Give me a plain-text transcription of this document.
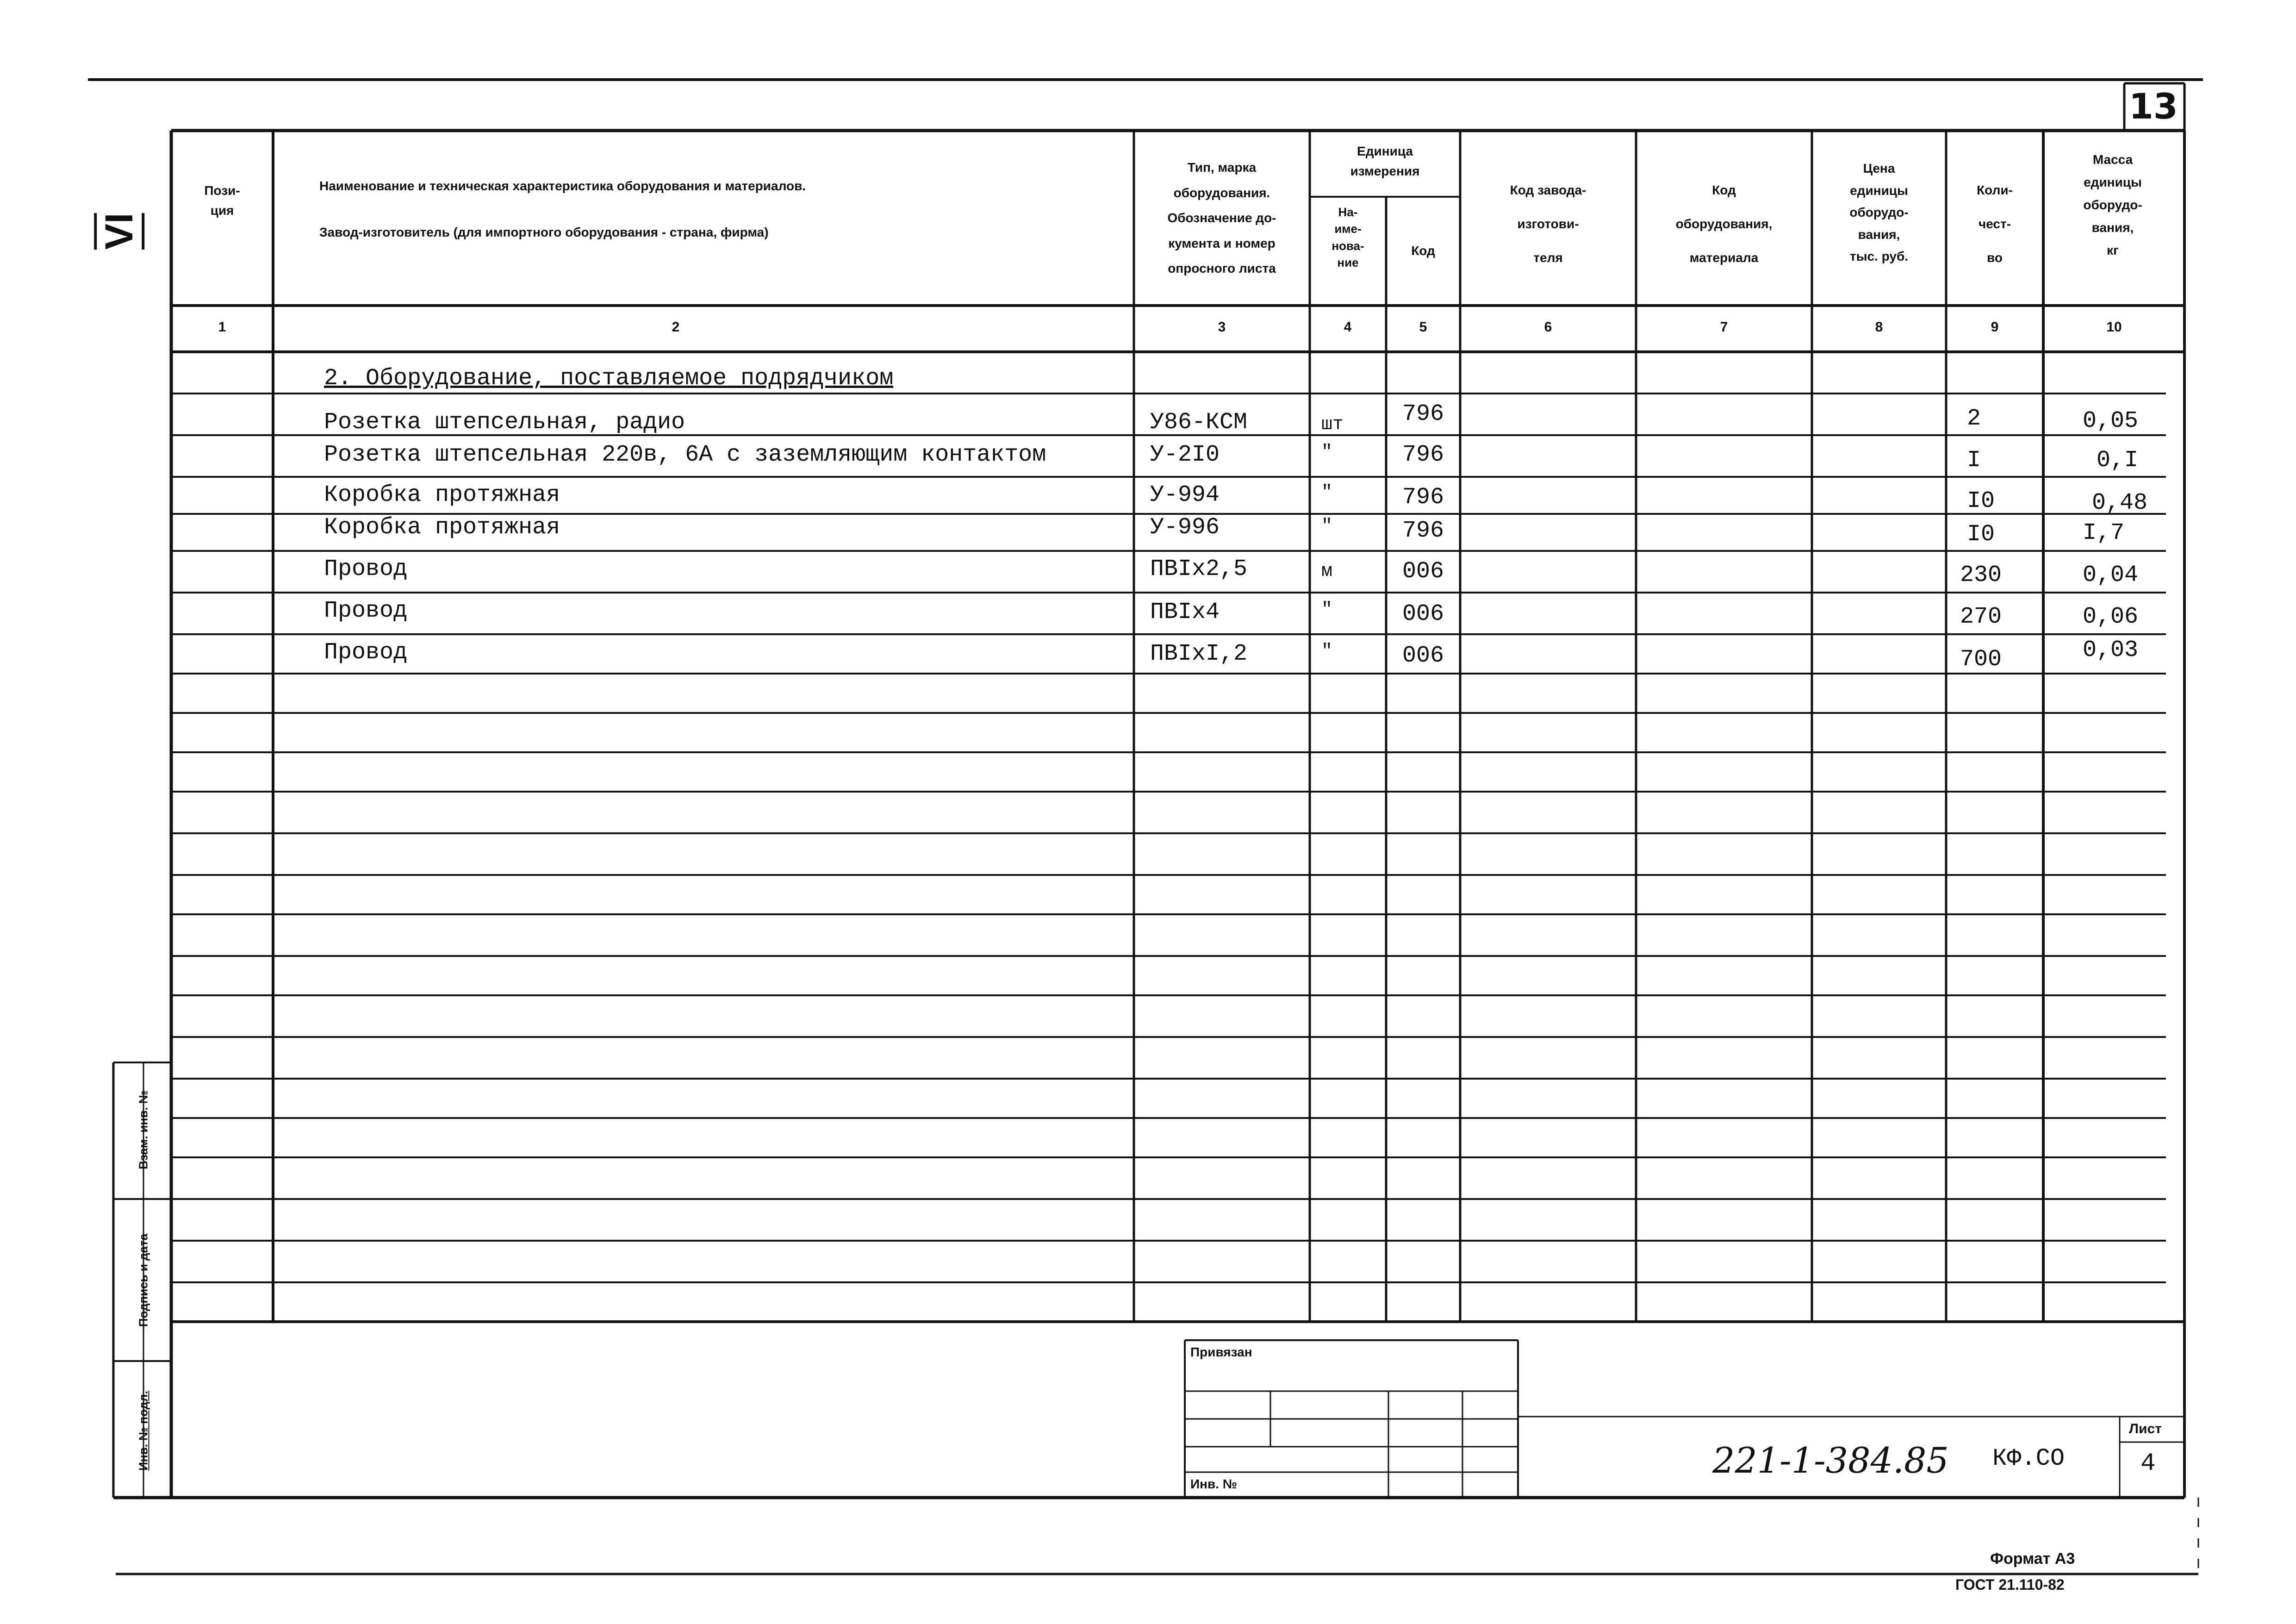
13
VI
Пози-
ция
Наименование и техническая характеристика оборудования и материалов.
Завод-изготовитель (для импортного оборудования - страна, фирма)
Тип, марка
оборудования.
Обозначение до-
кумента и номер
опросного листа
Единица
измерения
На-
име-
нова-
ние
Код
Код завода-
изготови-
теля
Код
оборудования,
материала
Цена
единицы
оборудо-
вания,
тыс. руб.
Коли-
чест-
во
Масса
единицы
оборудо-
вания,
кг
1	2	3	4	5	6	7	8	9	10
2. Оборудование, поставляемое подрядчиком
Розетка штепсельная, радио	У86-КСМ	шт	796	2	0,05
Розетка штепсельная 220в, 6А с заземляющим контактом	У-2I0	"	796	I	0,I
Коробка протяжная	У-994	"	796	I0	0,48
Коробка протяжная	У-996	"	796	I0	I,7
Провод	ПВIx2,5	м	006	230	0,04
Провод	ПВIx4	"	006	270	0,06
Провод	ПВIxI,2	"	006	700	0,03
Взам. инв. №
Подпись и дата
Инв. № подл.
Привязан
Инв. №
221-1-384.85 КФ.СО
Лист
4
Формат А3
ГОСТ 21.110-82
